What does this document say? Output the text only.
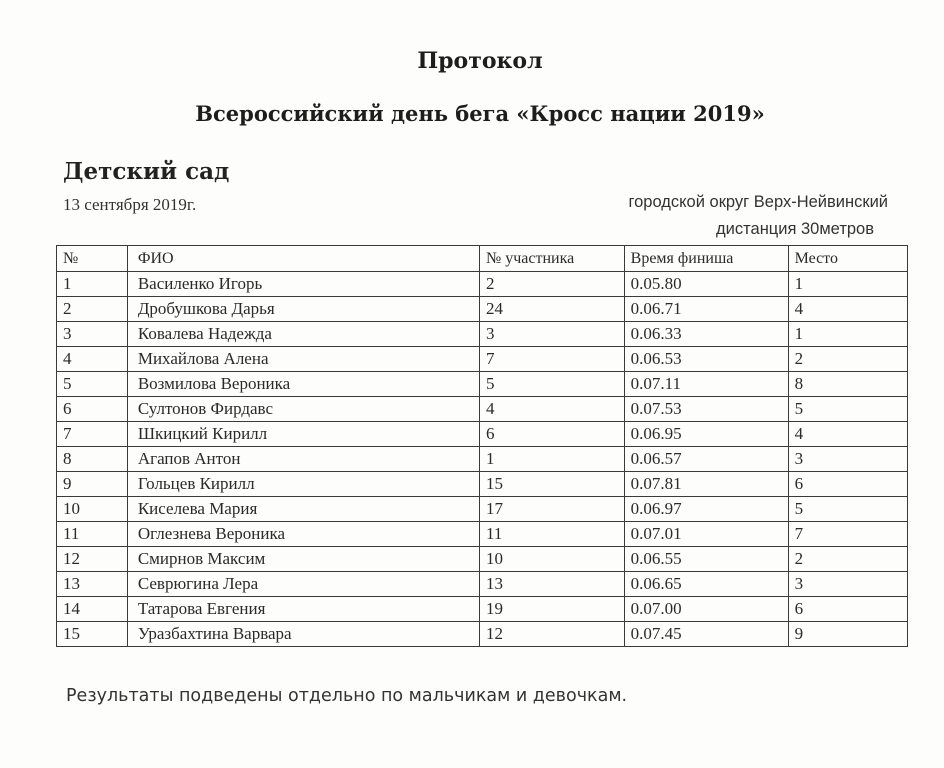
Протокол
Всероссийский день бега «Кросс нации 2019»
Детский сад
13 сентября 2019г.	городской округ Верх-Нейвинский
дистанция 30метров
№	ФИО	№ участника	Время финиша	Место
1	Василенко Игорь	2	0.05.80	1
2	Дробушкова Дарья	24	0.06.71	4
3	Ковалева Надежда	3	0.06.33	1
4	Михайлова Алена	7	0.06.53	2
5	Возмилова Вероника	5	0.07.11	8
6	Султонов Фирдавс	4	0.07.53	5
7	Шкицкий Кирилл	6	0.06.95	4
8	Агапов Антон	1	0.06.57	3
9	Гольцев Кирилл	15	0.07.81	6
10	Киселева Мария	17	0.06.97	5
11	Оглезнева Вероника	11	0.07.01	7
12	Смирнов Максим	10	0.06.55	2
13	Севрюгина Лера	13	0.06.65	3
14	Татарова Евгения	19	0.07.00	6
15	Уразбахтина Варвара	12	0.07.45	9
Результаты подведены отдельно по мальчикам и девочкам.
